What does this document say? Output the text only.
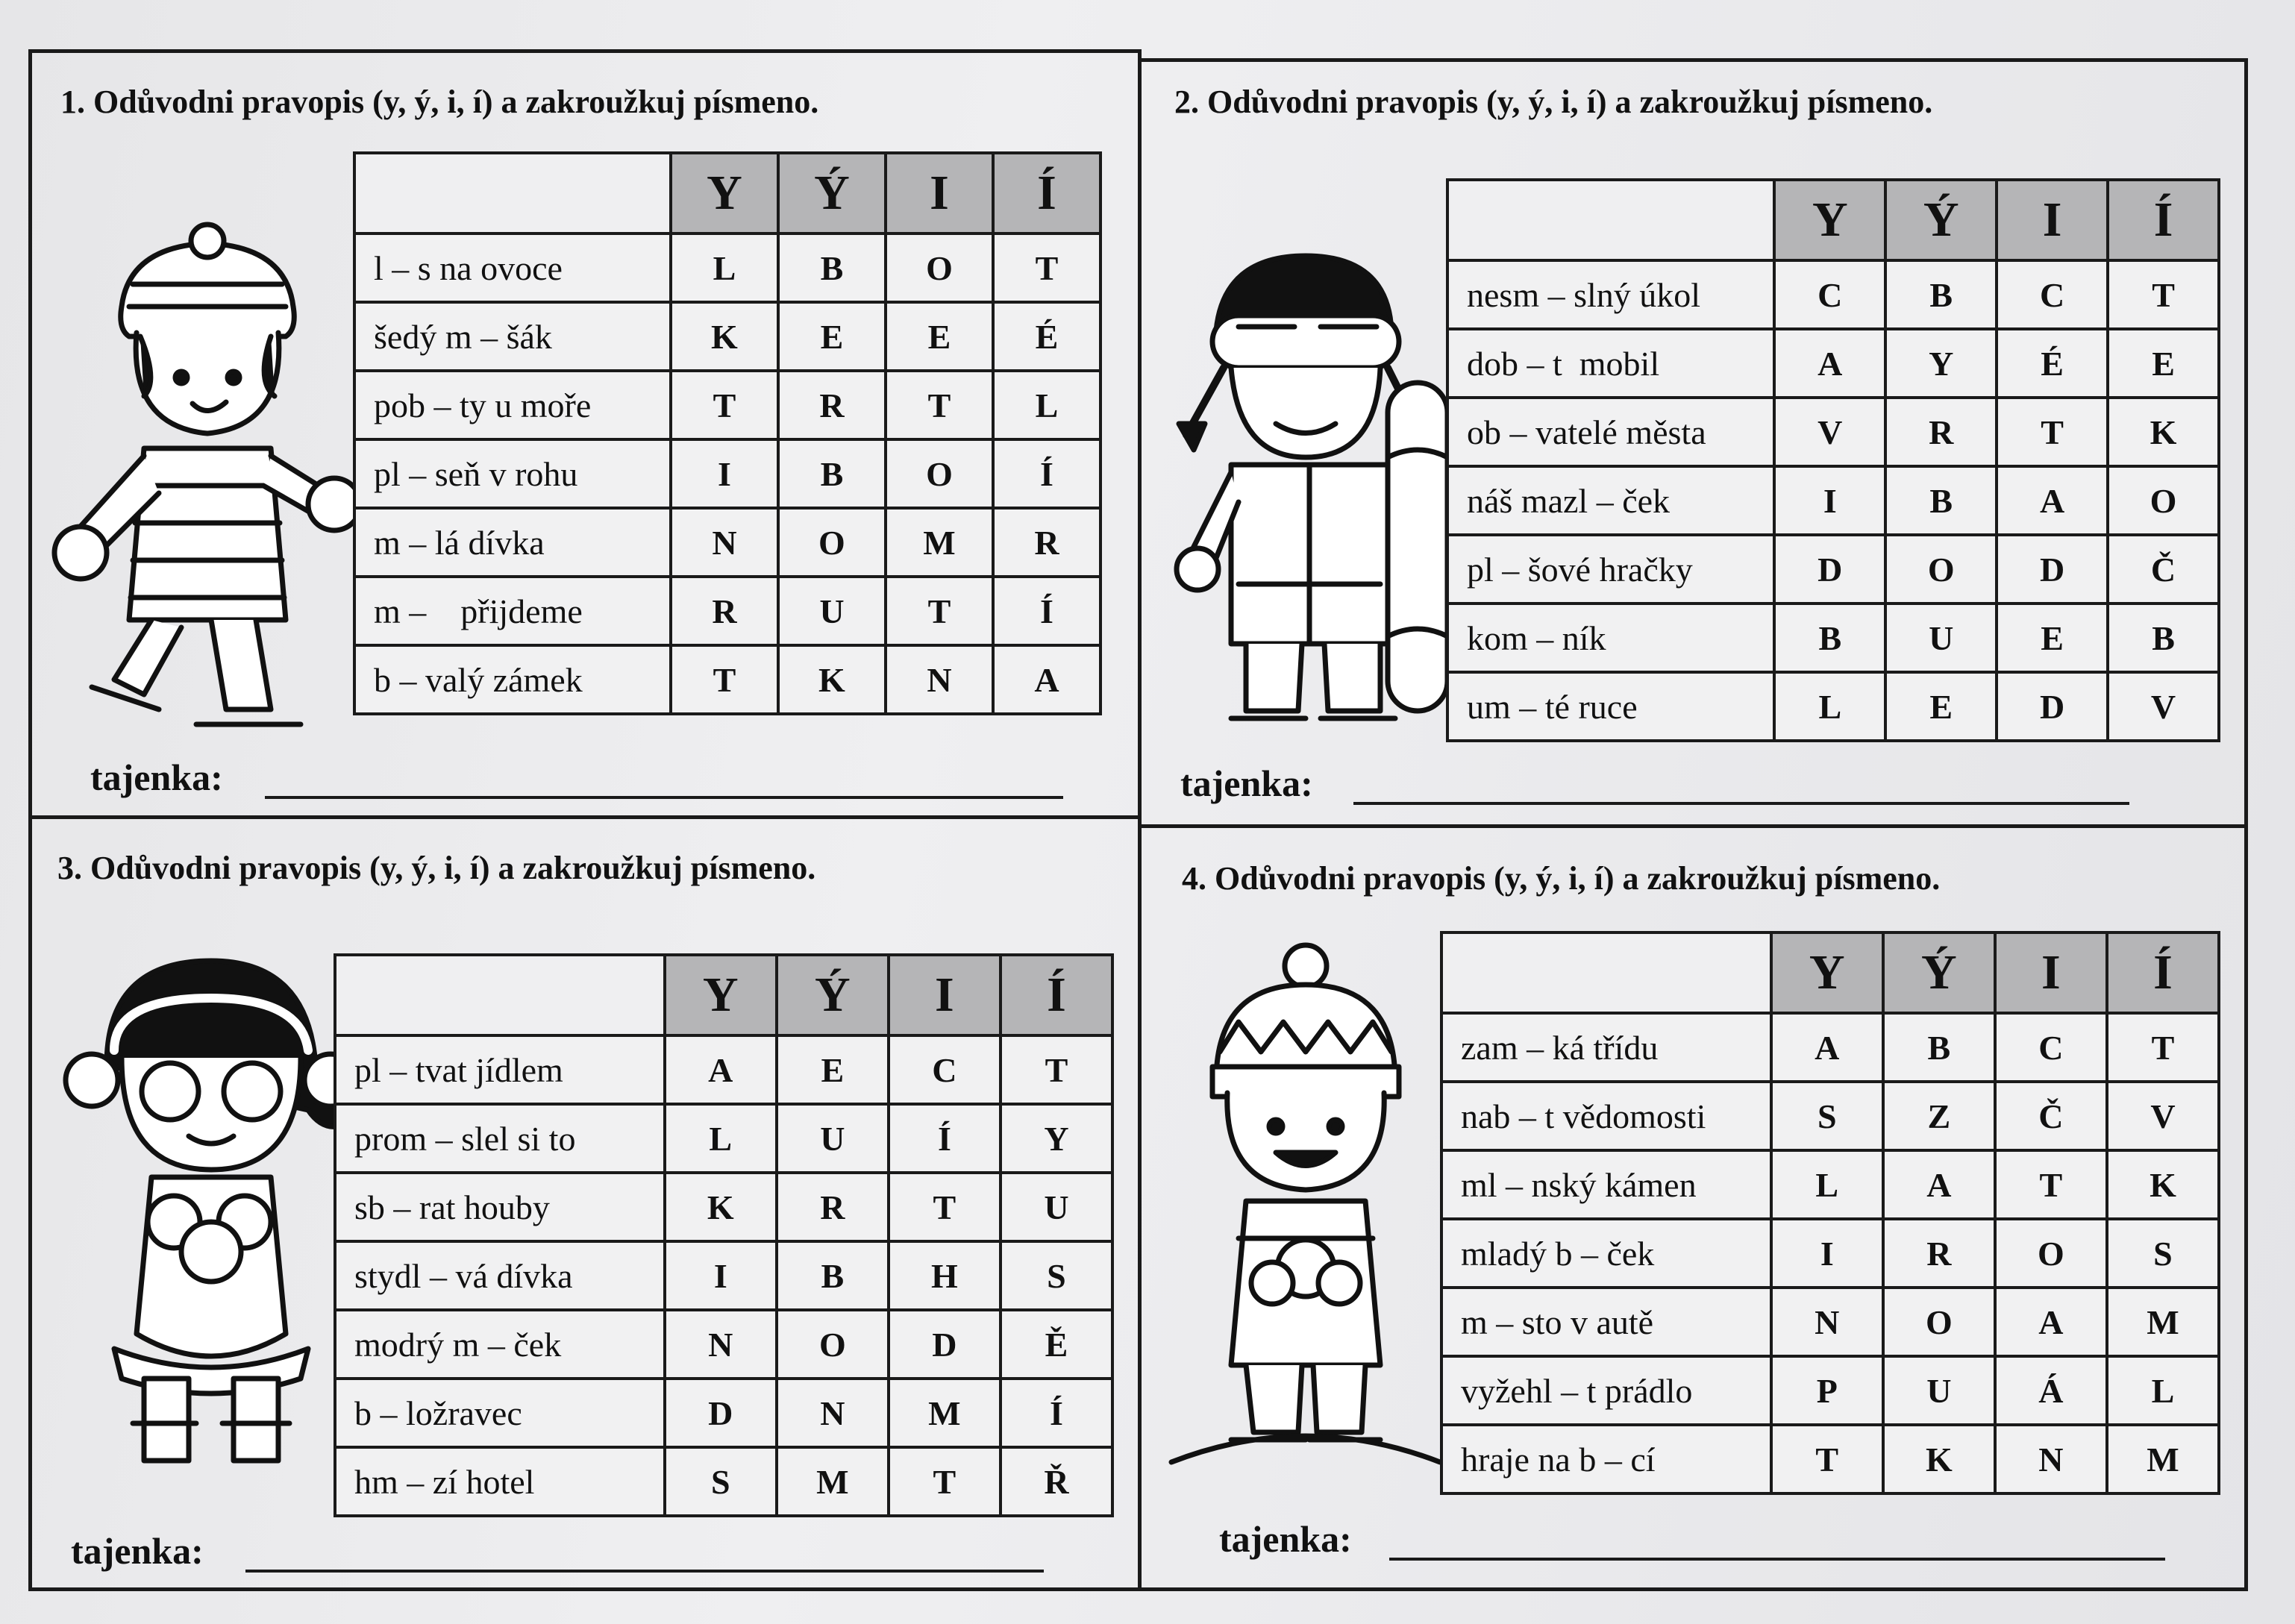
1. Odůvodni pravopis (y, ý, i, í) a zakroužkuj písmeno.
	Y	Ý	I	Í
l – s na ovoce	L	B	O	T
šedý m – šák	K	E	E	É
pob – ty u moře	T	R	T	L
pl – seň v rohu	I	B	O	Í
m – lá dívka	N	O	M	R
m –    přijdeme	R	U	T	Í
b – valý zámek	T	K	N	A
tajenka:
2. Odůvodni pravopis (y, ý, i, í) a zakroužkuj písmeno.
	Y	Ý	I	Í
nesm – slný úkol	C	B	C	T
dob – t  mobil	A	Y	É	E
ob – vatelé města	V	R	T	K
náš mazl – ček	I	B	A	O
pl – šové hračky	D	O	D	Č
kom – ník	B	U	E	B
um – té ruce	L	E	D	V
tajenka:
3. Odůvodni pravopis (y, ý, i, í) a zakroužkuj písmeno.
	Y	Ý	I	Í
pl – tvat jídlem	A	E	C	T
prom – slel si to	L	U	Í	Y
sb – rat houby	K	R	T	U
stydl – vá dívka	I	B	H	S
modrý m – ček	N	O	D	Ě
b – ložravec	D	N	M	Í
hm – zí hotel	S	M	T	Ř
tajenka:
4. Odůvodni pravopis (y, ý, i, í) a zakroužkuj písmeno.
	Y	Ý	I	Í
zam – ká třídu	A	B	C	T
nab – t vědomosti	S	Z	Č	V
ml – nský kámen	L	A	T	K
mladý b – ček	I	R	O	S
m – sto v autě	N	O	A	M
vyžehl – t prádlo	P	U	Á	L
hraje na b – cí	T	K	N	M
tajenka:
